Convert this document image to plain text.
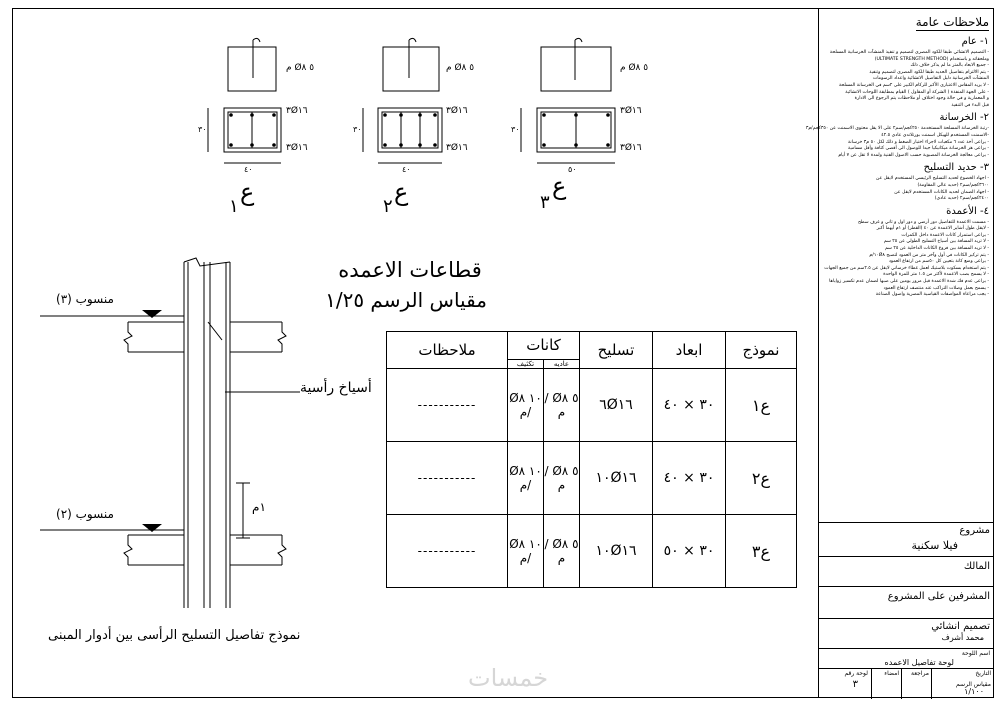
٥ Ø٨ م
٣Ø١٦
٣Ø١٦
٤٠
٣٠
ع
١
٥ Ø٨ م
٣Ø١٦
٣Ø١٦
٤٠
٣٠
ع
٢
٥ Ø٨ م
٣Ø١٦
٣Ø١٦
٥٠
٣٠
ع
٣
قطاعات الاعمده
مقياس الرسم ١/٢٥
منسوب (٣)
منسوب (٢)
أسياخ رأسية
١م
نموذج تفاصيل التسليح الرأسى بين أدوار المبنى
نموذج	ابعاد	تسليح	كانات		ملاحظات
			عاديه	تكثيف	
ع١	٣٠ × ٤٠	٦Ø١٦	٥ Ø٨ /م	١٠ Ø٨ /م	-----------
ع٢	٣٠ × ٤٠	١٠Ø١٦	٥ Ø٨ /م	١٠ Ø٨ /م	-----------
ع٣	٣٠ × ٥٠	١٠Ø١٦	٥ Ø٨ /م	١٠ Ø٨ /م	-----------
ملاحظات عامة
١- عام
- التصميم الانشائي طبقا للكود المصري لتصميم و تنفيذ المنشآت الخرسانية المسلحة
وملحقاته و باستخدام (ULTIMATE STRENGTH METHOD)
- جميع الابعاد بالمتر ما لم يذكر خلاف ذلك
- يتم الالتزام بتفاصيل الحديد طبقا للكود المصري لتصميم وتنفيذ
المنشآت الخرسانية دليل التفاصيل الانشائية واعداد الرسومات
- لا يزيد المقاس الاعتباري الأكبر للركام الكبير على ٢سم في الخرسانة المسلحة
- على الجهة المنفذة ( الشركة أو المقاول ) القيام بمطابقة اللوحات الانشائية
و المعمارية و في حالة وجود اختلاف أو ملاحظات يتم الرجوع الى الادارة
قبل البدء في التنفيذ
٢- الخرسانة
-رتبة الخرسانة المسلحة المستخدمة ٢٥٠كجم/سم٢ على الا يقل محتوى الاسمنت عن ٣٥٠كجم/م٣
-الاسمنت المستخدم للهيكل اسمنت بورتلاندي عادي ٤٢.٥
- يراعى أخذ عدد ٦ مكعبات لاجراء اختبار الضغط و ذلك لكل ٥٠ م٣ خرسانة
- يراعى هز الخرسانة ميكانيكيا جيدا للوصول الى أقصى كثافة وأقل مسامية
- يراعى معالجة الخرسانة المصبوبة حسب الاصول الفنية ولمدة لا تقل عن ٧ أيام
٣- حديد التسليح
- اجهاد الخضوع لحديد التسليح الرئيسي المستخدم لايقل عن
٣٦٠٠كجم/سم٢ (حديد عالي المقاومة)
- اجهاد الضمان لحديد الكانات المستخدم لايقل عن
٢٤٠٠كجم/سم٢ (حديد عادي)
٤- الأعمدة
- مسمت الاعمدة للتفاصيل دور أرضي و دور اول و ثاني و غرف سطح
- لايقل طول أشاير الاعمدة عن ٤٠ (القطر) أو ١م أيهما أكبر
- يراعى استمرار كانات الاعمدة داخل الكمرات
- لا تزيد المسافة بين أسياخ التسليح الطولي عن ٢٥ سم
- لا تزيد المسافة بين فروع الكانات الداخلية عن ٢٥ سم
- يتم تركيز الكانات في أول وآخر متر من العمود لتصبح ١٠Ø٨/م
- يراعى وضع كانة بتعيين كل ٥٠سم من ارتفاع العمود
- يتم استخدام بسكوت بلاستيك لعمل غطاء خرساني لايقل عن ٢.٥سم من جميع الجهات
- لا يسمح بصب الاعمدة لأكثر من ١.٥ متر للمرة الواحدة
- يراعى عدم فك شدة الاعمدة قبل مرور يومين على صبها لضمان عدم تكسير زواياها
- يسمح بعمل وصلات التراكب عند منتصف ارتفاع العمود
- يجب مراعاة المواصفات القياسية المصرية واصول الصناعة
مشروع
فيلا سكنية
المالك
المشرفين على المشروع
تصميم انشائي
محمد أشرف
اسم اللوحة
لوحة تفاصيل الاعمده
التاريخ
مقياس الرسم
١/١٠٠
مراجعة
امضاء
لوحة رقم
٣
خمسات
